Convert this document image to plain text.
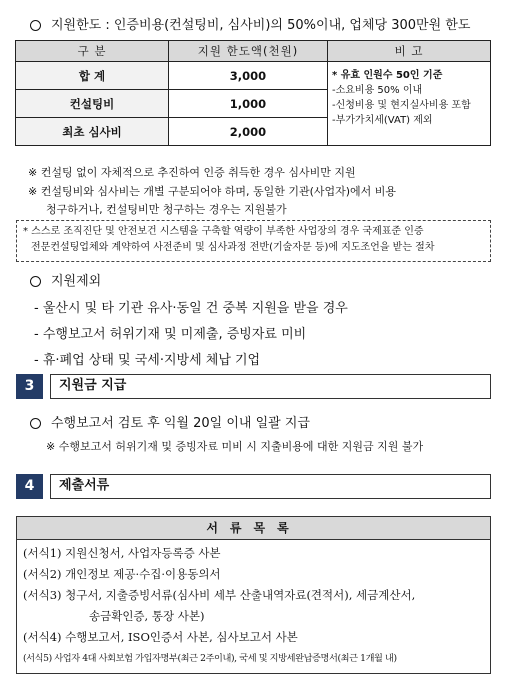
지원한도 : 인증비용(컨설팅비, 심사비)의 50%이내, 업체당 300만원 한도
구 분	지원 한도액(천원)	비 고
합 계	3,000	* 유효 인원수 50인 기준
-소요비용 50% 이내
-신청비용 및 현지실사비용 포함
-부가가치세(VAT) 제외

컨설팅비	1,000	
최초 심사비	2,000	
※ 컨설팅 없이 자체적으로 추진하여 인증 취득한 경우 심사비만 지원
※ 컨설팅비와 심사비는 개별 구분되어야 하며, 동일한 기관(사업자)에서 비용
청구하거나, 컨설팅비만 청구하는 경우는 지원불가
* 스스로 조직진단 및 안전보건 시스템을 구축할 역량이 부족한 사업장의 경우 국제표준 인증
전문컨설팅업체와 계약하여 사전준비 및 심사과정 전반(기술자문 등)에 지도조언을 받는 절차
지원제외
- 울산시 및 타 기관 유사·동일 건 중복 지원을 받을 경우
- 수행보고서 허위기재 및 미제출, 증빙자료 미비
- 휴·폐업 상태 및 국세·지방세 체납 기업
3	지원금 지급
수행보고서 검토 후 익월 20일 이내 일괄 지급
※ 수행보고서 허위기재 및 증빙자료 미비 시 지출비용에 대한 지원금 지원 불가
4	제출서류
서류목록
(서식1) 지원신청서, 사업자등록증 사본
(서식2) 개인정보 제공·수집·이용동의서
(서식3) 청구서, 지출증빙서류(심사비 세부 산출내역자료(견적서), 세금계산서,
송금확인증, 통장 사본)
(서식4) 수행보고서, ISO인증서 사본, 심사보고서 사본
(서식5) 사업자 4대 사회보험 가입자명부(최근 2주이내), 국세 및 지방세완납증명서(최근 1개월 내)
